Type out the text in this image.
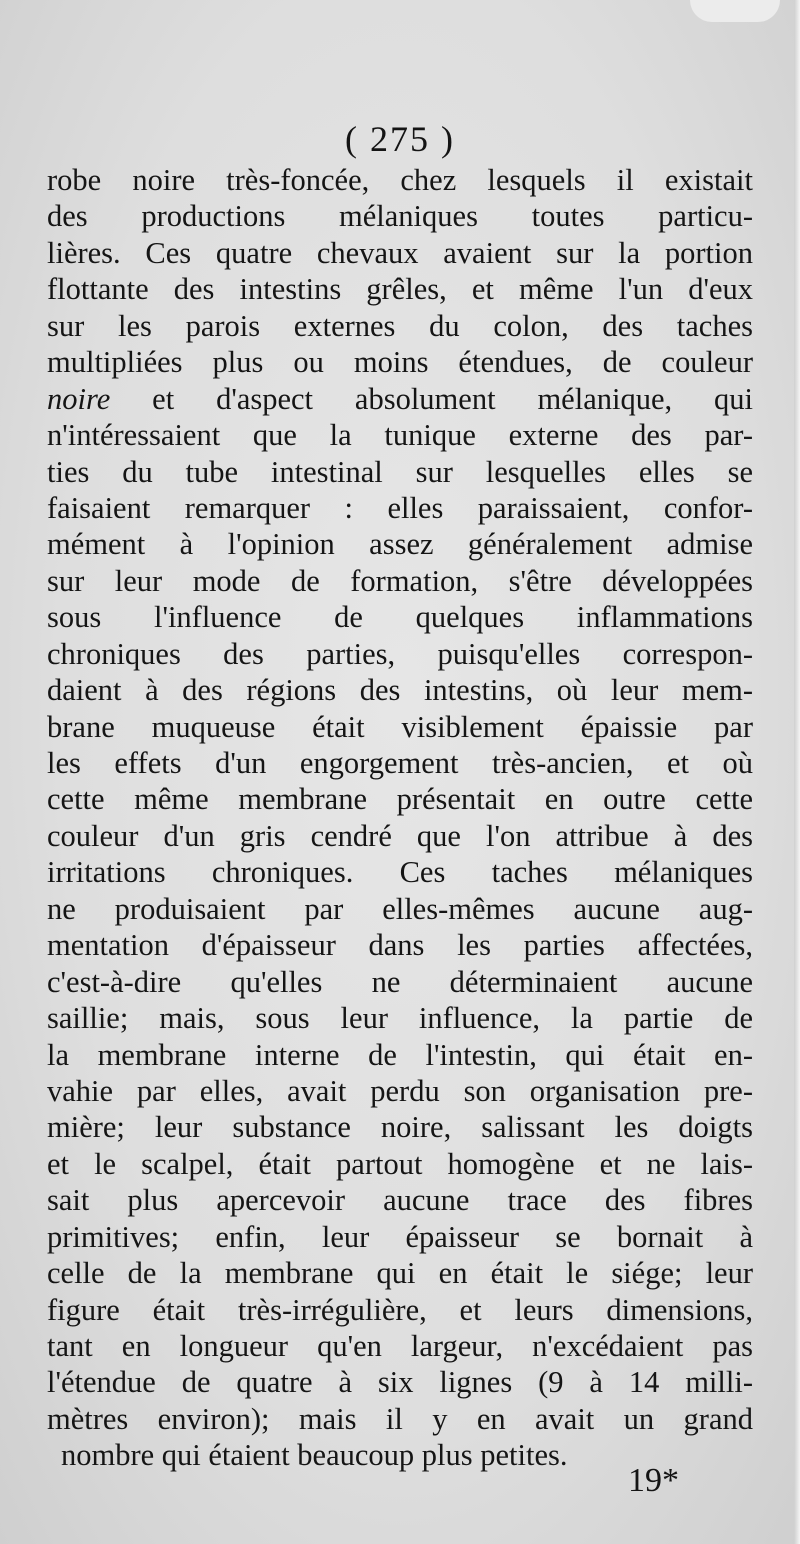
( 275 )
robe noire très-foncée, chez lesquels il existait
des productions mélaniques toutes particu-
lières. Ces quatre chevaux avaient sur la portion
flottante des intestins grêles, et même l'un d'eux
sur les parois externes du colon, des taches
multipliées plus ou moins étendues, de couleur
noire et d'aspect absolument mélanique, qui
n'intéressaient que la tunique externe des par-
ties du tube intestinal sur lesquelles elles se
faisaient remarquer : elles paraissaient, confor-
mément à l'opinion assez généralement admise
sur leur mode de formation, s'être développées
sous l'influence de quelques inflammations
chroniques des parties, puisqu'elles correspon-
daient à des régions des intestins, où leur mem-
brane muqueuse était visiblement épaissie par
les effets d'un engorgement très-ancien, et où
cette même membrane présentait en outre cette
couleur d'un gris cendré que l'on attribue à des
irritations chroniques. Ces taches mélaniques
ne produisaient par elles-mêmes aucune aug-
mentation d'épaisseur dans les parties affectées,
c'est-à-dire qu'elles ne déterminaient aucune
saillie; mais, sous leur influence, la partie de
la membrane interne de l'intestin, qui était en-
vahie par elles, avait perdu son organisation pre-
mière; leur substance noire, salissant les doigts
et le scalpel, était partout homogène et ne lais-
sait plus apercevoir aucune trace des fibres
primitives; enfin, leur épaisseur se bornait à
celle de la membrane qui en était le siége; leur
figure était très-irrégulière, et leurs dimensions,
tant en longueur qu'en largeur, n'excédaient pas
l'étendue de quatre à six lignes (9 à 14 milli-
mètres environ); mais il y en avait un grand
nombre qui étaient beaucoup plus petites.
19*
